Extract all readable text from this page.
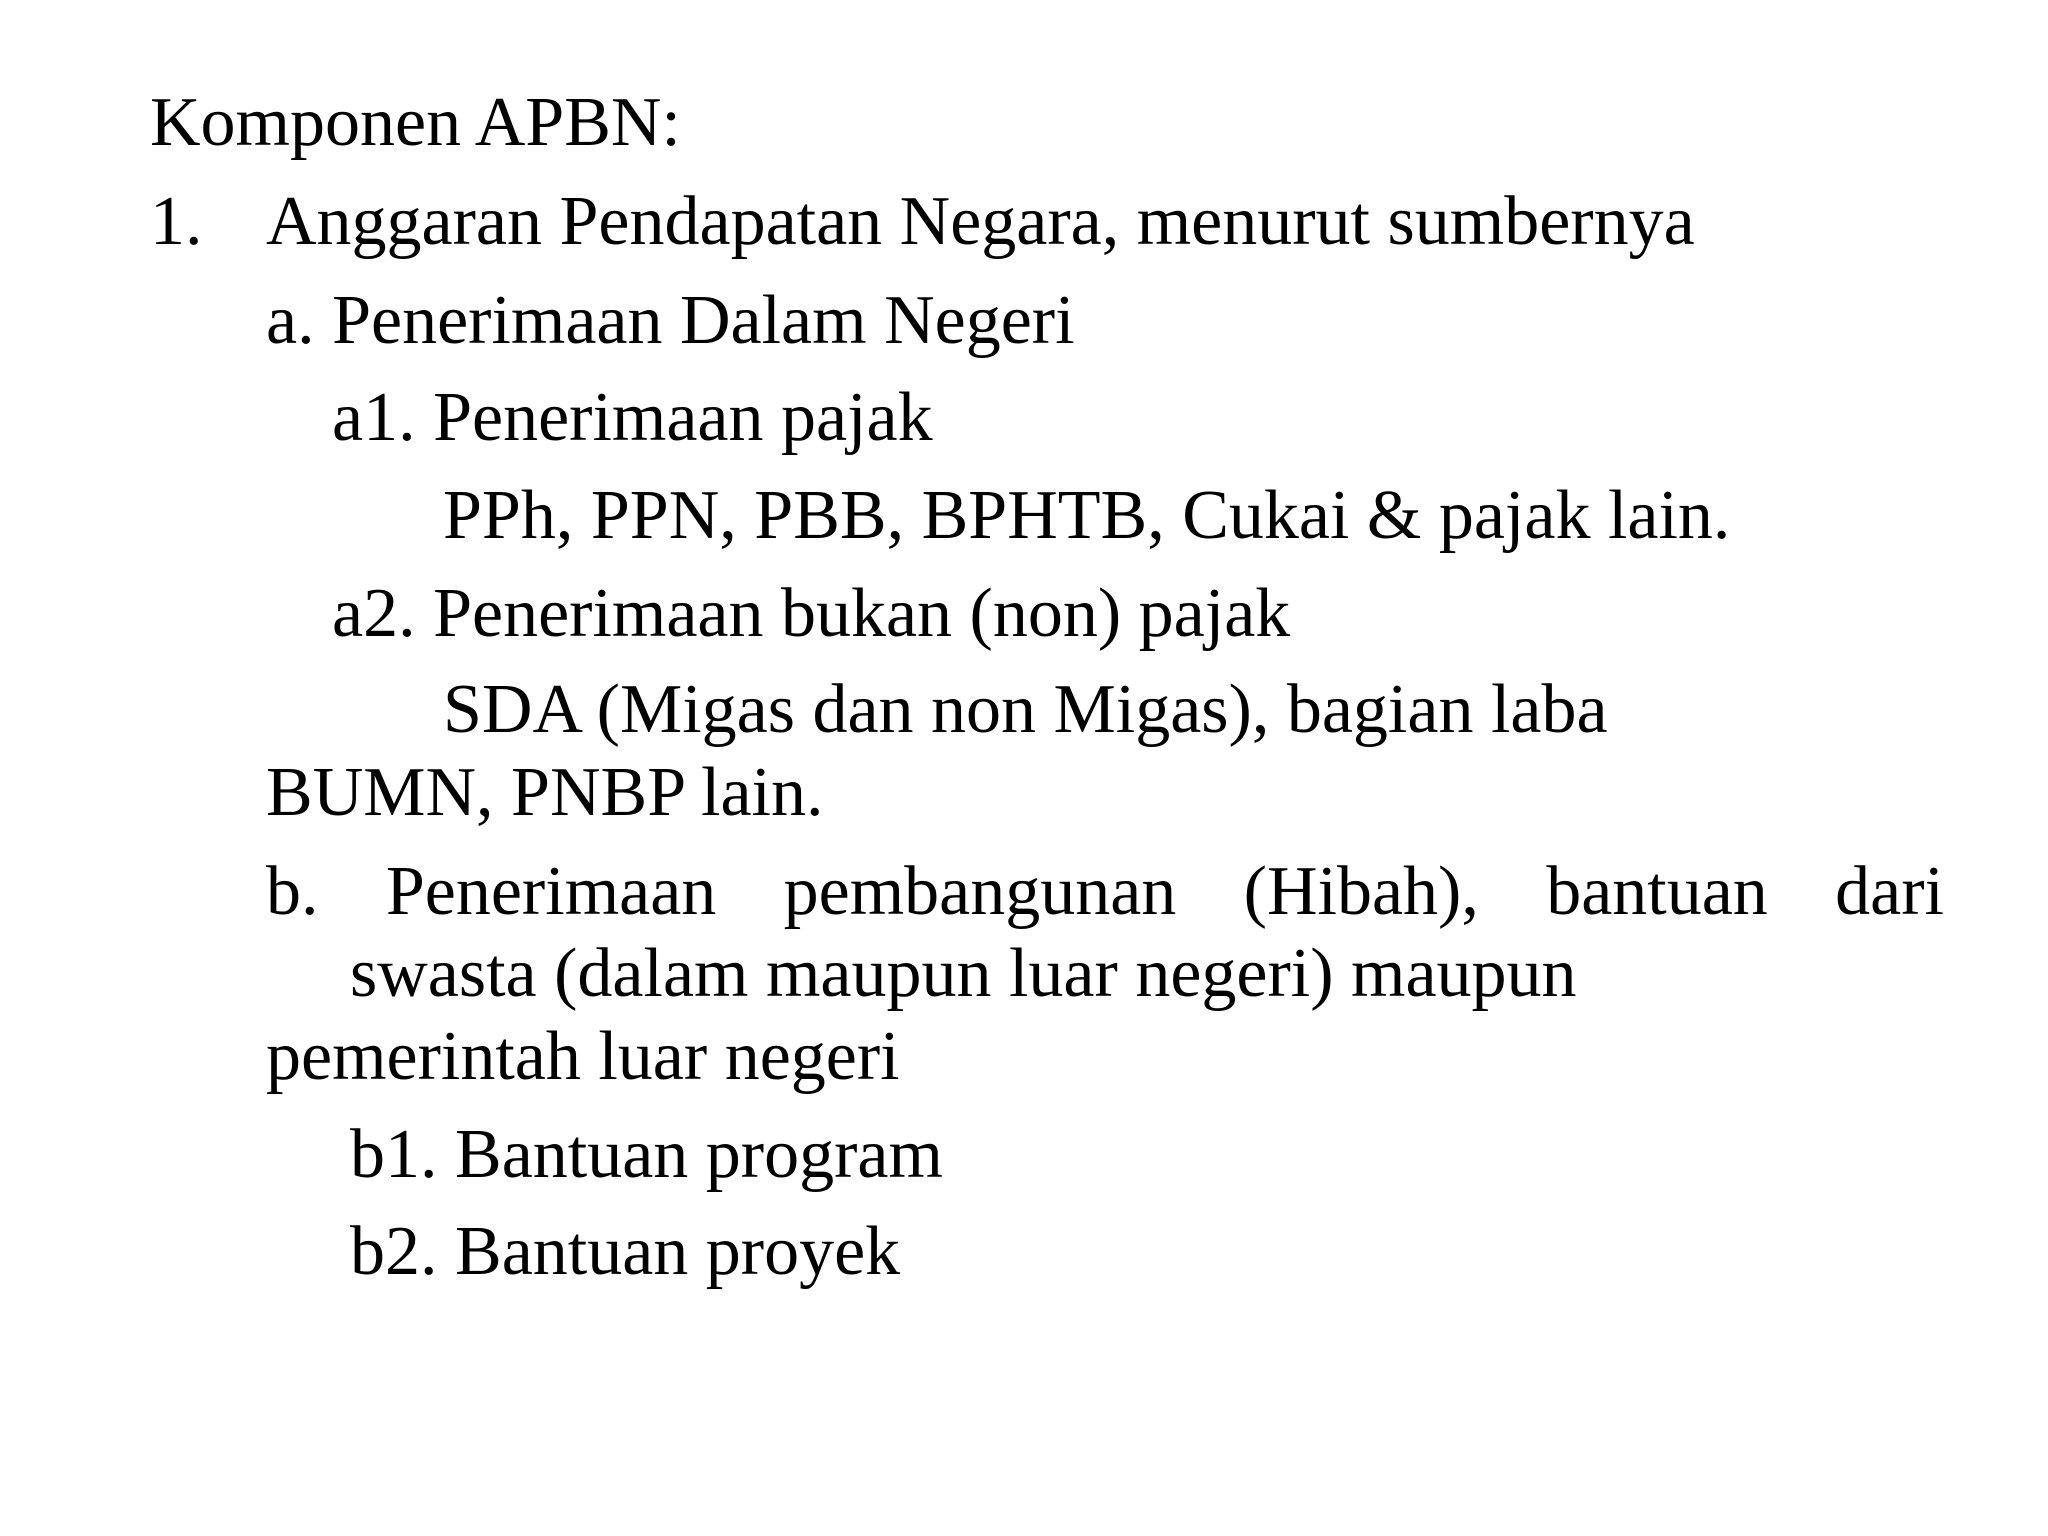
Komponen APBN:
1. Anggaran Pendapatan Negara, menurut sumbernya
a. Penerimaan Dalam Negeri
a1. Penerimaan pajak
PPh, PPN, PBB, BPHTB, Cukai & pajak lain.
a2. Penerimaan bukan (non) pajak
SDA (Migas dan non Migas), bagian laba
BUMN, PNBP lain.
b. Penerimaan pembangunan (Hibah), bantuan dari
swasta (dalam maupun luar negeri) maupun
pemerintah luar negeri
b1. Bantuan program
b2. Bantuan proyek
